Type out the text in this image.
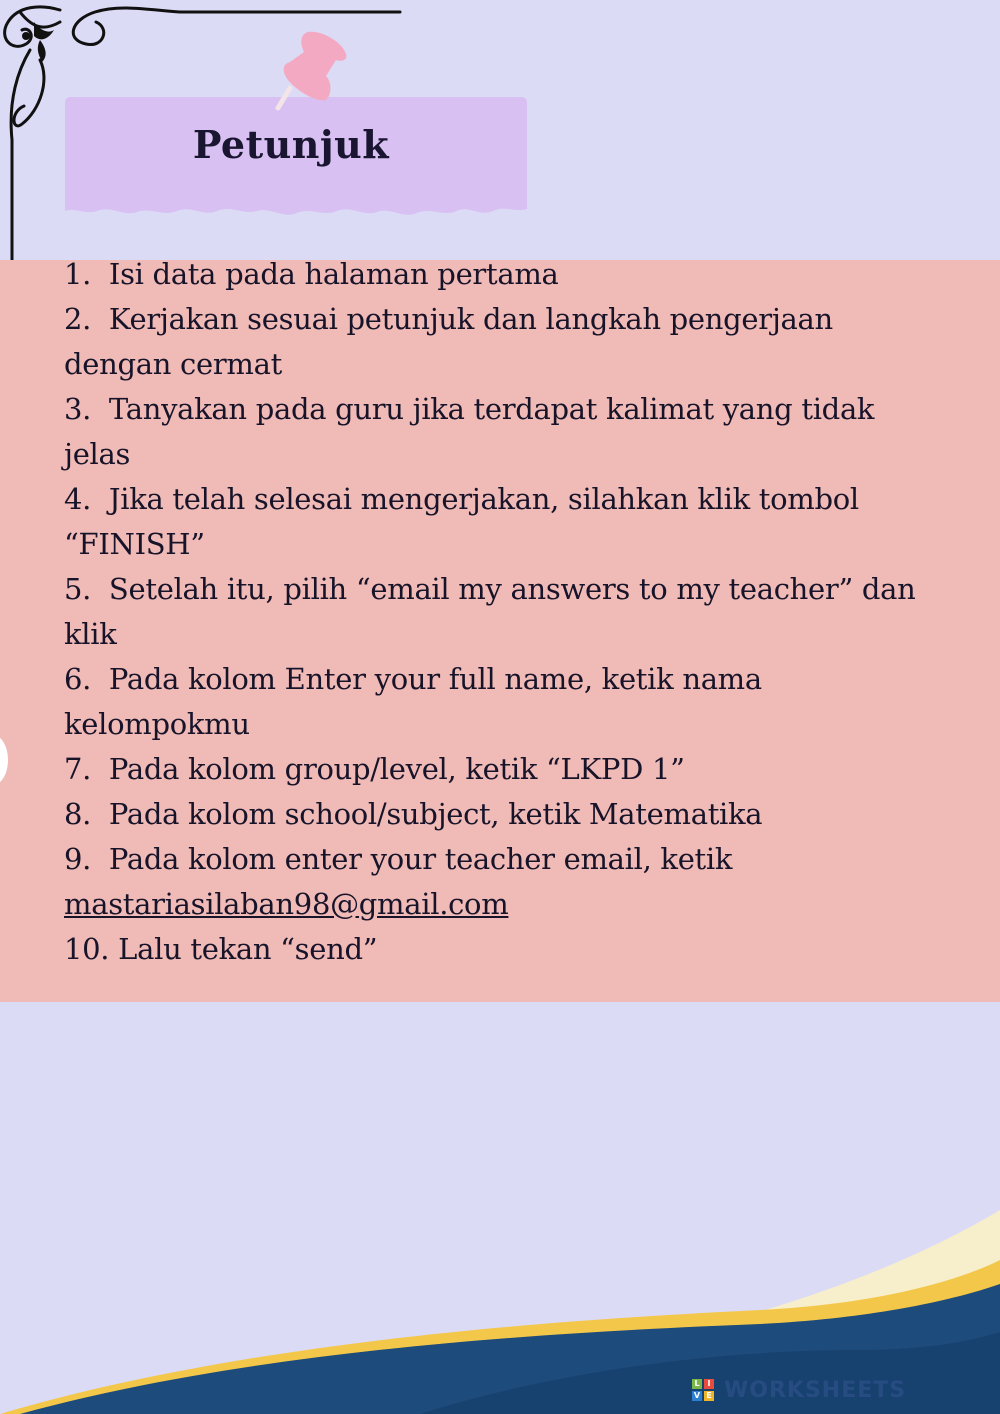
Petunjuk
1. Isi data pada halaman pertama
2. Kerjakan sesuai petunjuk dan langkah pengerjaan dengan cermat
3. Tanyakan pada guru jika terdapat kalimat yang tidak jelas
4. Jika telah selesai mengerjakan, silahkan klik tombol “FINISH”
5. Setelah itu, pilih “email my answers to my teacher” dan klik
6. Pada kolom Enter your full name, ketik nama kelompokmu
7. Pada kolom group/level, ketik “LKPD 1”
8. Pada kolom school/subject, ketik Matematika
9. Pada kolom enter your teacher email, ketik
mastariasilaban98@gmail.com
10. Lalu tekan “send”
L I
V E WORKSHEETS
